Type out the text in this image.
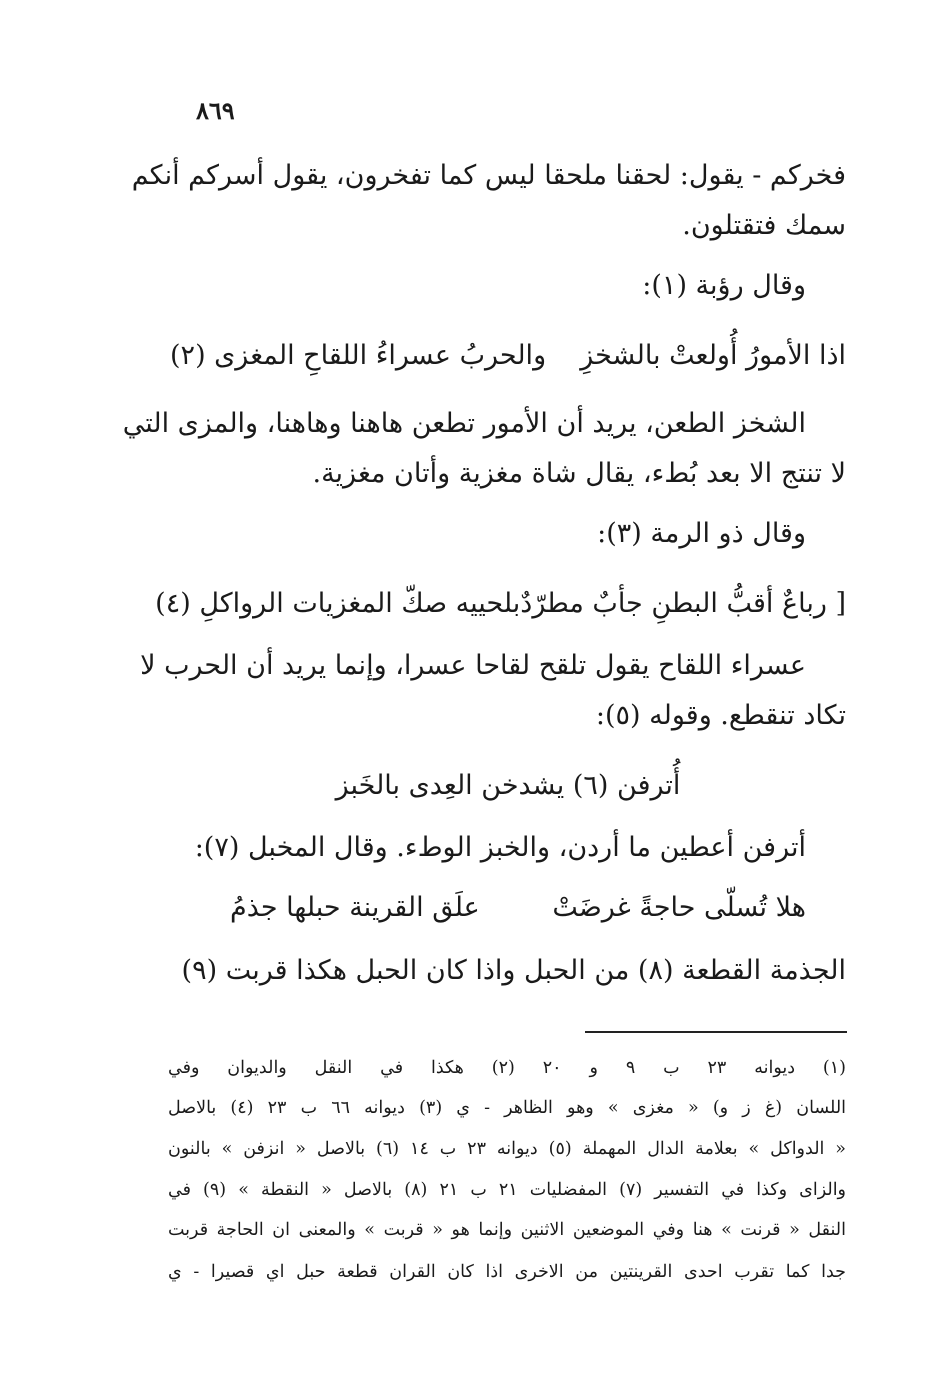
٨٦٩
فخركم - يقول: لحقنا ملحقا ليس كما تفخرون، يقول أسركم أنكم
سمك فتقتلون.
وقال رؤبة (١):
اذا الأمورُ أُولعتْ بالشخزِ
والحربُ عسراءُ اللقاحِ المغزى (٢)
الشخز الطعن، يريد أن الأمور تطعن هاهنا وهاهنا، والمزى التي
لا تنتج الا بعد بُطء، يقال شاة مغزية وأتان مغزية.
وقال ذو الرمة (٣):
[ رباعٌ أقبُّ البطنِ جأبٌ مطرّدٌ
بلحييه صكّ المغزيات الرواكلِ (٤)
عسراء اللقاح يقول تلقح لقاحا عسرا، وإنما يريد أن الحرب لا
تكاد تنقطع. وقوله (٥):
أُترفن (٦) يشدخن العِدى بالخَبز
أترفن أعطين ما أردن، والخبز الوطء. وقال المخبل (٧):
هلا تُسلّى حاجةً غرضَتْ
علَق القرينة حبلها جذمُ
الجذمة القطعة (٨) من الحبل واذا كان الحبل هكذا قربت (٩)
(١) ديوانه ٢٣ ب ٩ و ٢٠ (٢) هكذا في النقل والديوان وفي
اللسان (غ ز و) « مغزى » وهو الظاهر - ي (٣) ديوانه ٦٦ ب ٢٣ (٤) بالاصل
« الدواكل » بعلامة الدال المهملة (٥) ديوانه ٢٣ ب ١٤ (٦) بالاصل « انزفن » بالنون
والزاى وكذا في التفسير (٧) المفضليات ٢١ ب ٢١ (٨) بالاصل « النقطة » (٩) في
النقل « قرنت » هنا وفي الموضعين الاثنين وإنما هو « قربت » والمعنى ان الحاجة قربت
جدا كما تقرب احدى القرينتين من الاخرى اذا كان القران قطعة حبل اي قصيرا - ي
